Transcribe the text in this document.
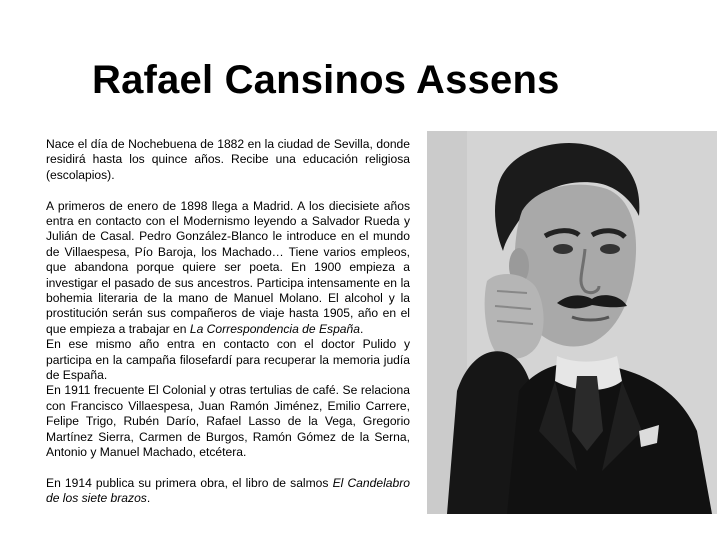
Rafael Cansinos Assens

Nace el día de Nochebuena de 1882 en la ciudad de Sevilla, donde residirá hasta los quince años. Recibe una educación religiosa (escolapios).

A primeros de enero de 1898 llega a Madrid. A los diecisiete años entra en contacto con el Modernismo leyendo a Salvador Rueda y Julián de Casal. Pedro González-Blanco le introduce en el mundo de Villaespesa, Pío Baroja, los Machado… Tiene varios empleos, que abandona porque quiere ser poeta. En 1900 empieza a investigar el pasado de sus ancestros. Participa intensamente en la bohemia literaria de la mano de Manuel Molano. El alcohol y la prostitución serán sus compañeros de viaje hasta 1905, año en el que empieza a trabajar en La Correspondencia de España.

En ese mismo año entra en contacto con el doctor Pulido y participa en la campaña filosefardí para recuperar la memoria judía de España.

En 1911 frecuente El Colonial y otras tertulias de café. Se relaciona con Francisco Villaespesa, Juan Ramón Jiménez, Emilio Carrere, Felipe Trigo, Rubén Darío, Rafael Lasso de la Vega, Gregorio Martínez Sierra, Carmen de Burgos, Ramón Gómez de la Serna, Antonio y Manuel Machado, etcétera.

En 1914 publica su primera obra, el libro de salmos El Candelabro de los siete brazos.
